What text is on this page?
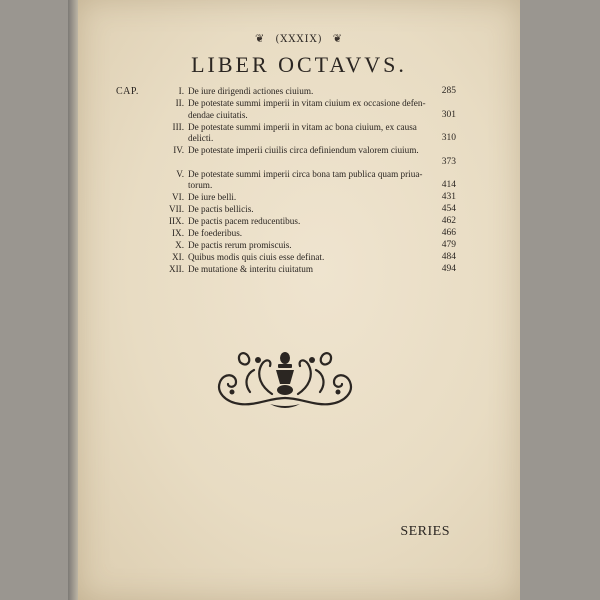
❦ (XXXIX) ❦
LIBER OCTAVVS.
CAP.	I. De iure dirigendi actiones ciuium.	285
II. De potestate summi imperii in vitam ciuium ex occasione defen-
dendae ciuitatis.	301
III. De potestate summi imperii in vitam ac bona ciuium, ex causa
delicti.	310
IV. De potestate imperii ciuilis circa definiendum valorem ciuium.
373
V. De potestate summi imperii circa bona tam publica quam priua-
torum.	414
VI. De iure belli.	431
VII. De pactis bellicis.	454
IIX. De pactis pacem reducentibus.	462
IX. De foederibus.	466
X. De pactis rerum promiscuis.	479
XI. Quibus modis quis ciuis esse definat.	484
XII. De mutatione & interitu ciuitatum	494
SERIES
